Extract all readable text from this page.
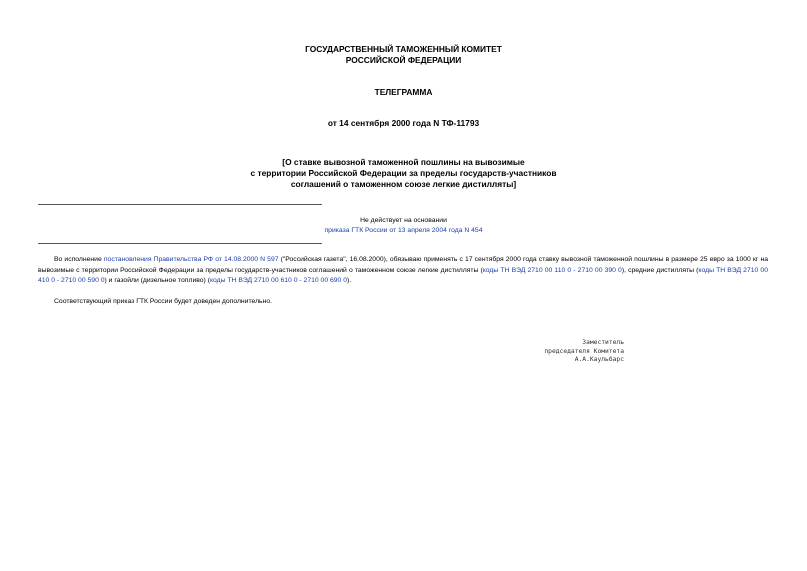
ГОСУДАРСТВЕННЫЙ ТАМОЖЕННЫЙ КОМИТЕТ
РОССИЙСКОЙ ФЕДЕРАЦИИ
ТЕЛЕГРАММА
от 14 сентября 2000 года N ТФ-11793
[О ставке вывозной таможенной пошлины на вывозимые
с территории Российской Федерации за пределы государств-участников
соглашений о таможенном союзе легкие дистилляты]
Не действует на основании
приказа ГТК России от 13 апреля 2004 года N 454

Во исполнение постановления Правительства РФ от 14.08.2000 N 597 ("Российская газета", 16.08.2000), обязываю применять с 17 сентября 2000 года ставку вывозной таможенной пошлины в размере 25 евро за 1000 кг на вывозимые с территории Российской Федерации за пределы государств-участников соглашений о таможенном союзе легкие дистилляты (коды ТН ВЭД 2710 00 110 0 - 2710 00 390 0), средние дистилляты (коды ТН ВЭД 2710 00 410 0 - 2710 00 590 0) и газойли (дизельное топливо) (коды ТН ВЭД 2710 00 610 0 - 2710 00 690 0).

Соответствующий приказ ГТК России будет доведен дополнительно.

Заместитель
председателя Комитета
А.А.Каульбарс
